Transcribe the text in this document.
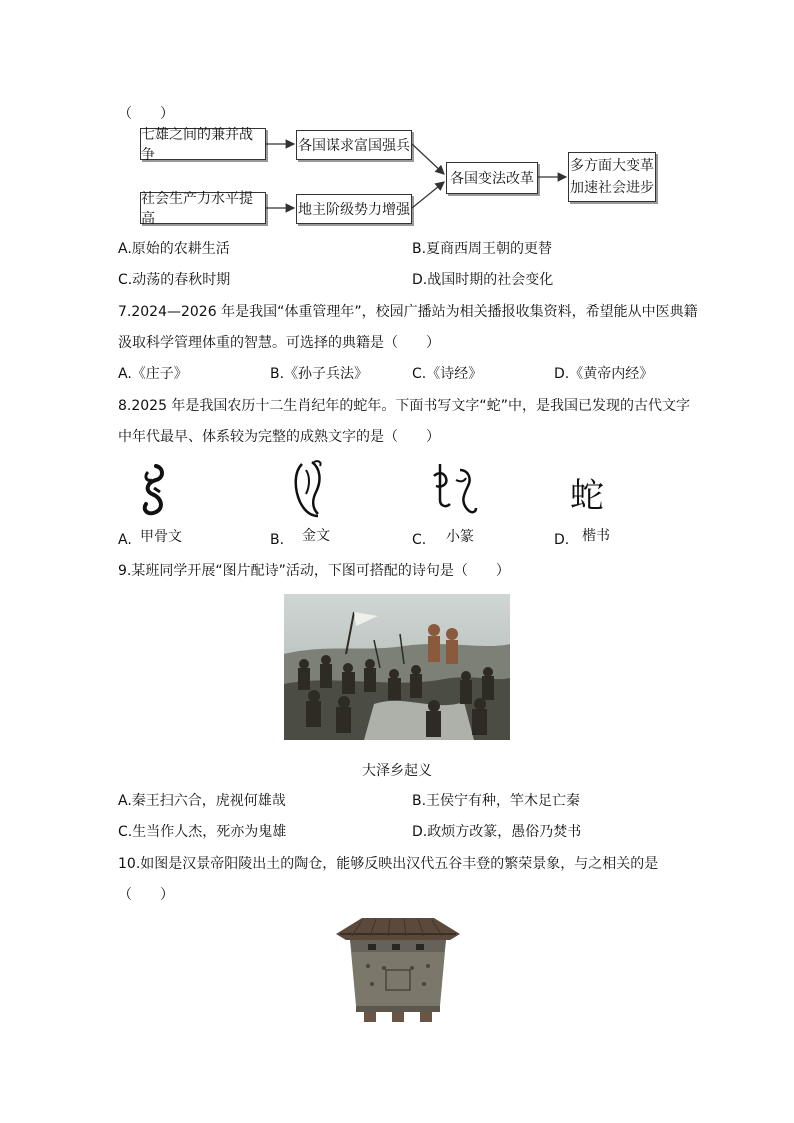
（　　）
七雄之间的兼并战争
各国谋求富国强兵
社会生产力水平提高
地主阶级势力增强
各国变法改革
多方面大变革
加速社会进步
A.原始的农耕生活	B.夏商西周王朝的更替
C.动荡的春秋时期	D.战国时期的社会变化
7.2024—2026 年是我国“体重管理年”，校园广播站为相关播报收集资料，希望能从中医典籍
汲取科学管理体重的智慧。可选择的典籍是（　　）
A.《庄子》	B.《孙子兵法》	C.《诗经》	D.《黄帝内经》
8.2025 年是我国农历十二生肖纪年的蛇年。下面书写文字“蛇”中，是我国已发现的古代文字
中年代最早、体系较为完整的成熟文字的是（　　）
A. 甲骨文	B. 金文	C. 小篆
蛇
D. 楷书
9.某班同学开展“图片配诗”活动，下图可搭配的诗句是（　　）
大泽乡起义
A.秦王扫六合，虎视何雄哉	B.王侯宁有种，竿木足亡秦
C.生当作人杰，死亦为鬼雄	D.政烦方改篆，愚俗乃焚书
10.如图是汉景帝阳陵出土的陶仓，能够反映出汉代五谷丰登的繁荣景象，与之相关的是
（　　）
